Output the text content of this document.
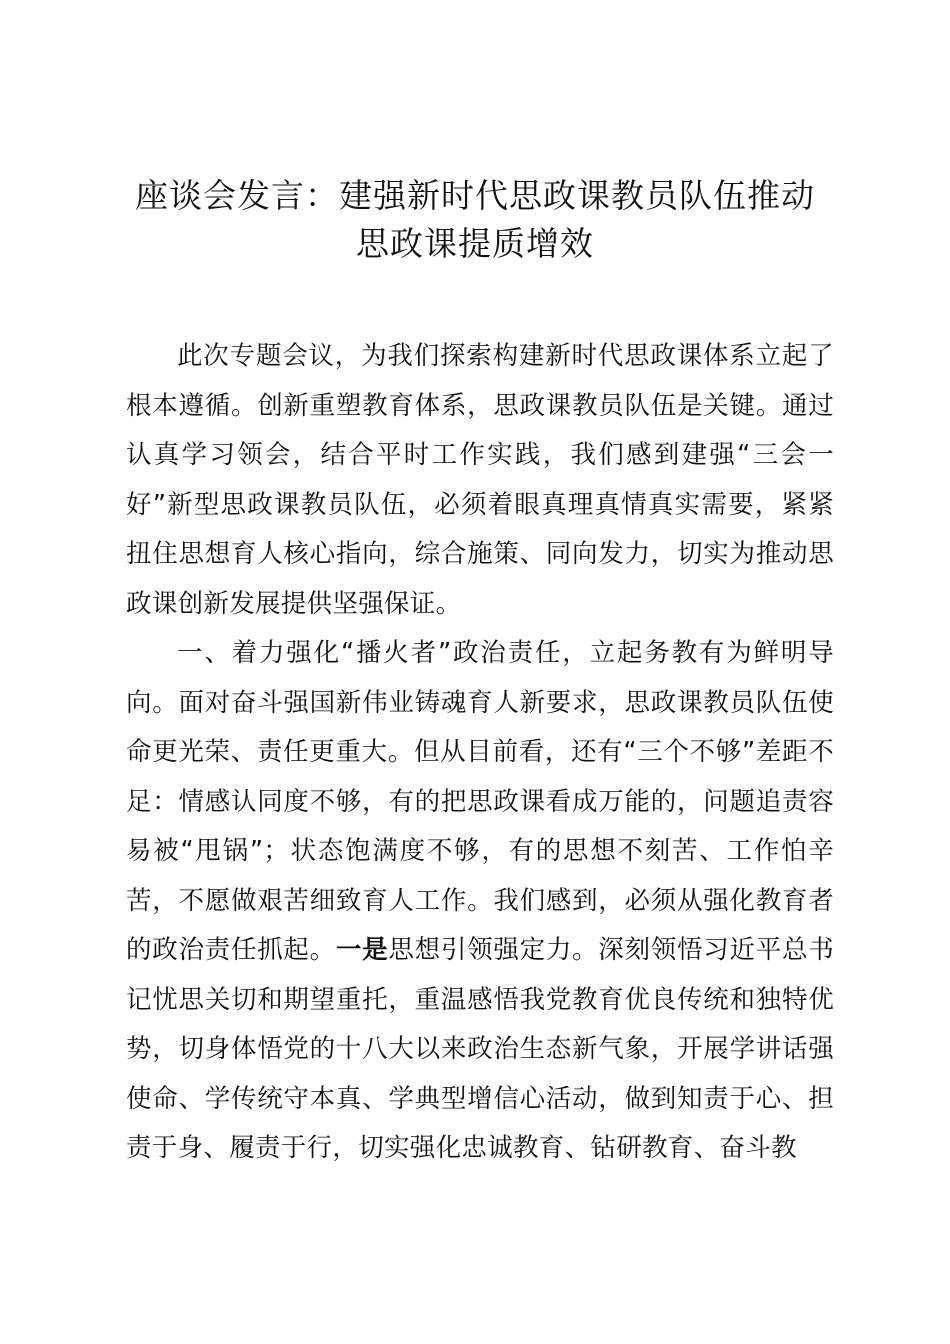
座谈会发言：建强新时代思政课教员队伍推动
思政课提质增效

此次专题会议，为我们探索构建新时代思政课体系立起了根本遵循。创新重塑教育体系，思政课教员队伍是关键。通过认真学习领会，结合平时工作实践，我们感到建强“三会一好”新型思政课教员队伍，必须着眼真理真情真实需要，紧紧扭住思想育人核心指向，综合施策、同向发力，切实为推动思政课创新发展提供坚强保证。

一、着力强化“播火者”政治责任，立起务教有为鲜明导向。面对奋斗强国新伟业铸魂育人新要求，思政课教员队伍使命更光荣、责任更重大。但从目前看，还有“三个不够”差距不足：情感认同度不够，有的把思政课看成万能的，问题追责容易被“甩锅”；状态饱满度不够，有的思想不刻苦、工作怕辛苦，不愿做艰苦细致育人工作。我们感到，必须从强化教育者的政治责任抓起。一是思想引领强定力。深刻领悟习近平总书记忧思关切和期望重托，重温感悟我党教育优良传统和独特优势，切身体悟党的十八大以来政治生态新气象，开展学讲话强使命、学传统守本真、学典型增信心活动，做到知责于心、担责于身、履责于行，切实强化忠诚教育、钻研教育、奋斗教
